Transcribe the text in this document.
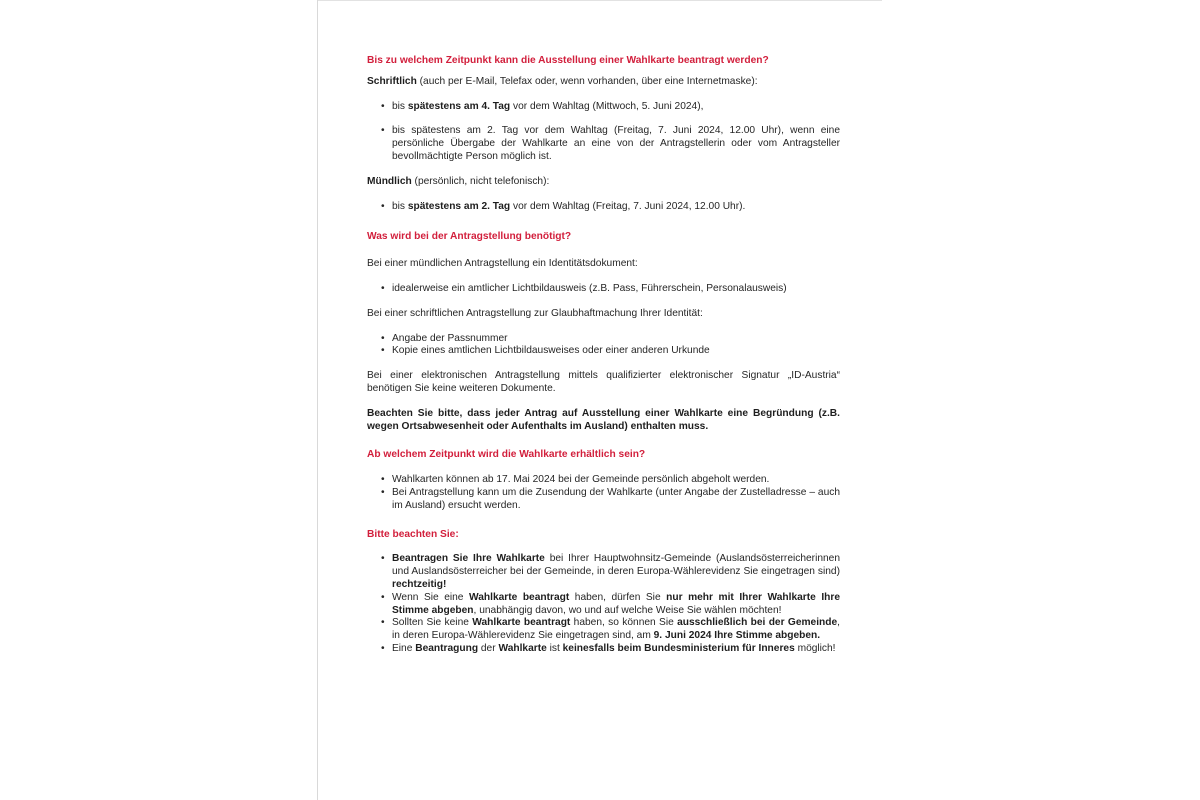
Bis zu welchem Zeitpunkt kann die Ausstellung einer Wahlkarte beantragt werden?

Schriftlich (auch per E-Mail, Telefax oder, wenn vorhanden, über eine Internetmaske):

• bis spätestens am 4. Tag vor dem Wahltag (Mittwoch, 5. Juni 2024),
• bis spätestens am 2. Tag vor dem Wahltag (Freitag, 7. Juni 2024, 12.00 Uhr), wenn eine persönliche Übergabe der Wahlkarte an eine von der Antragstellerin oder vom Antragsteller bevollmächtigte Person möglich ist.

Mündlich (persönlich, nicht telefonisch):

• bis spätestens am 2. Tag vor dem Wahltag (Freitag, 7. Juni 2024, 12.00 Uhr).

Was wird bei der Antragstellung benötigt?

Bei einer mündlichen Antragstellung ein Identitätsdokument:

• idealerweise ein amtlicher Lichtbildausweis (z.B. Pass, Führerschein, Personalausweis)

Bei einer schriftlichen Antragstellung zur Glaubhaftmachung Ihrer Identität:

• Angabe der Passnummer
• Kopie eines amtlichen Lichtbildausweises oder einer anderen Urkunde

Bei einer elektronischen Antragstellung mittels qualifizierter elektronischer Signatur „ID-Austria“ benötigen Sie keine weiteren Dokumente.

Beachten Sie bitte, dass jeder Antrag auf Ausstellung einer Wahlkarte eine Begründung (z.B. wegen Ortsabwesenheit oder Aufenthalts im Ausland) enthalten muss.

Ab welchem Zeitpunkt wird die Wahlkarte erhältlich sein?

• Wahlkarten können ab 17. Mai 2024 bei der Gemeinde persönlich abgeholt werden.
• Bei Antragstellung kann um die Zusendung der Wahlkarte (unter Angabe der Zustelladresse – auch im Ausland) ersucht werden.

Bitte beachten Sie:

• Beantragen Sie Ihre Wahlkarte bei Ihrer Hauptwohnsitz-Gemeinde (Auslandsösterreicherinnen und Auslandsösterreicher bei der Gemeinde, in deren Europa-Wählerevidenz Sie eingetragen sind) rechtzeitig!
• Wenn Sie eine Wahlkarte beantragt haben, dürfen Sie nur mehr mit Ihrer Wahlkarte Ihre Stimme abgeben, unabhängig davon, wo und auf welche Weise Sie wählen möchten!
• Sollten Sie keine Wahlkarte beantragt haben, so können Sie ausschließlich bei der Gemeinde, in deren Europa-Wählerevidenz Sie eingetragen sind, am 9. Juni 2024 Ihre Stimme abgeben.
• Eine Beantragung der Wahlkarte ist keinesfalls beim Bundesministerium für Inneres möglich!
